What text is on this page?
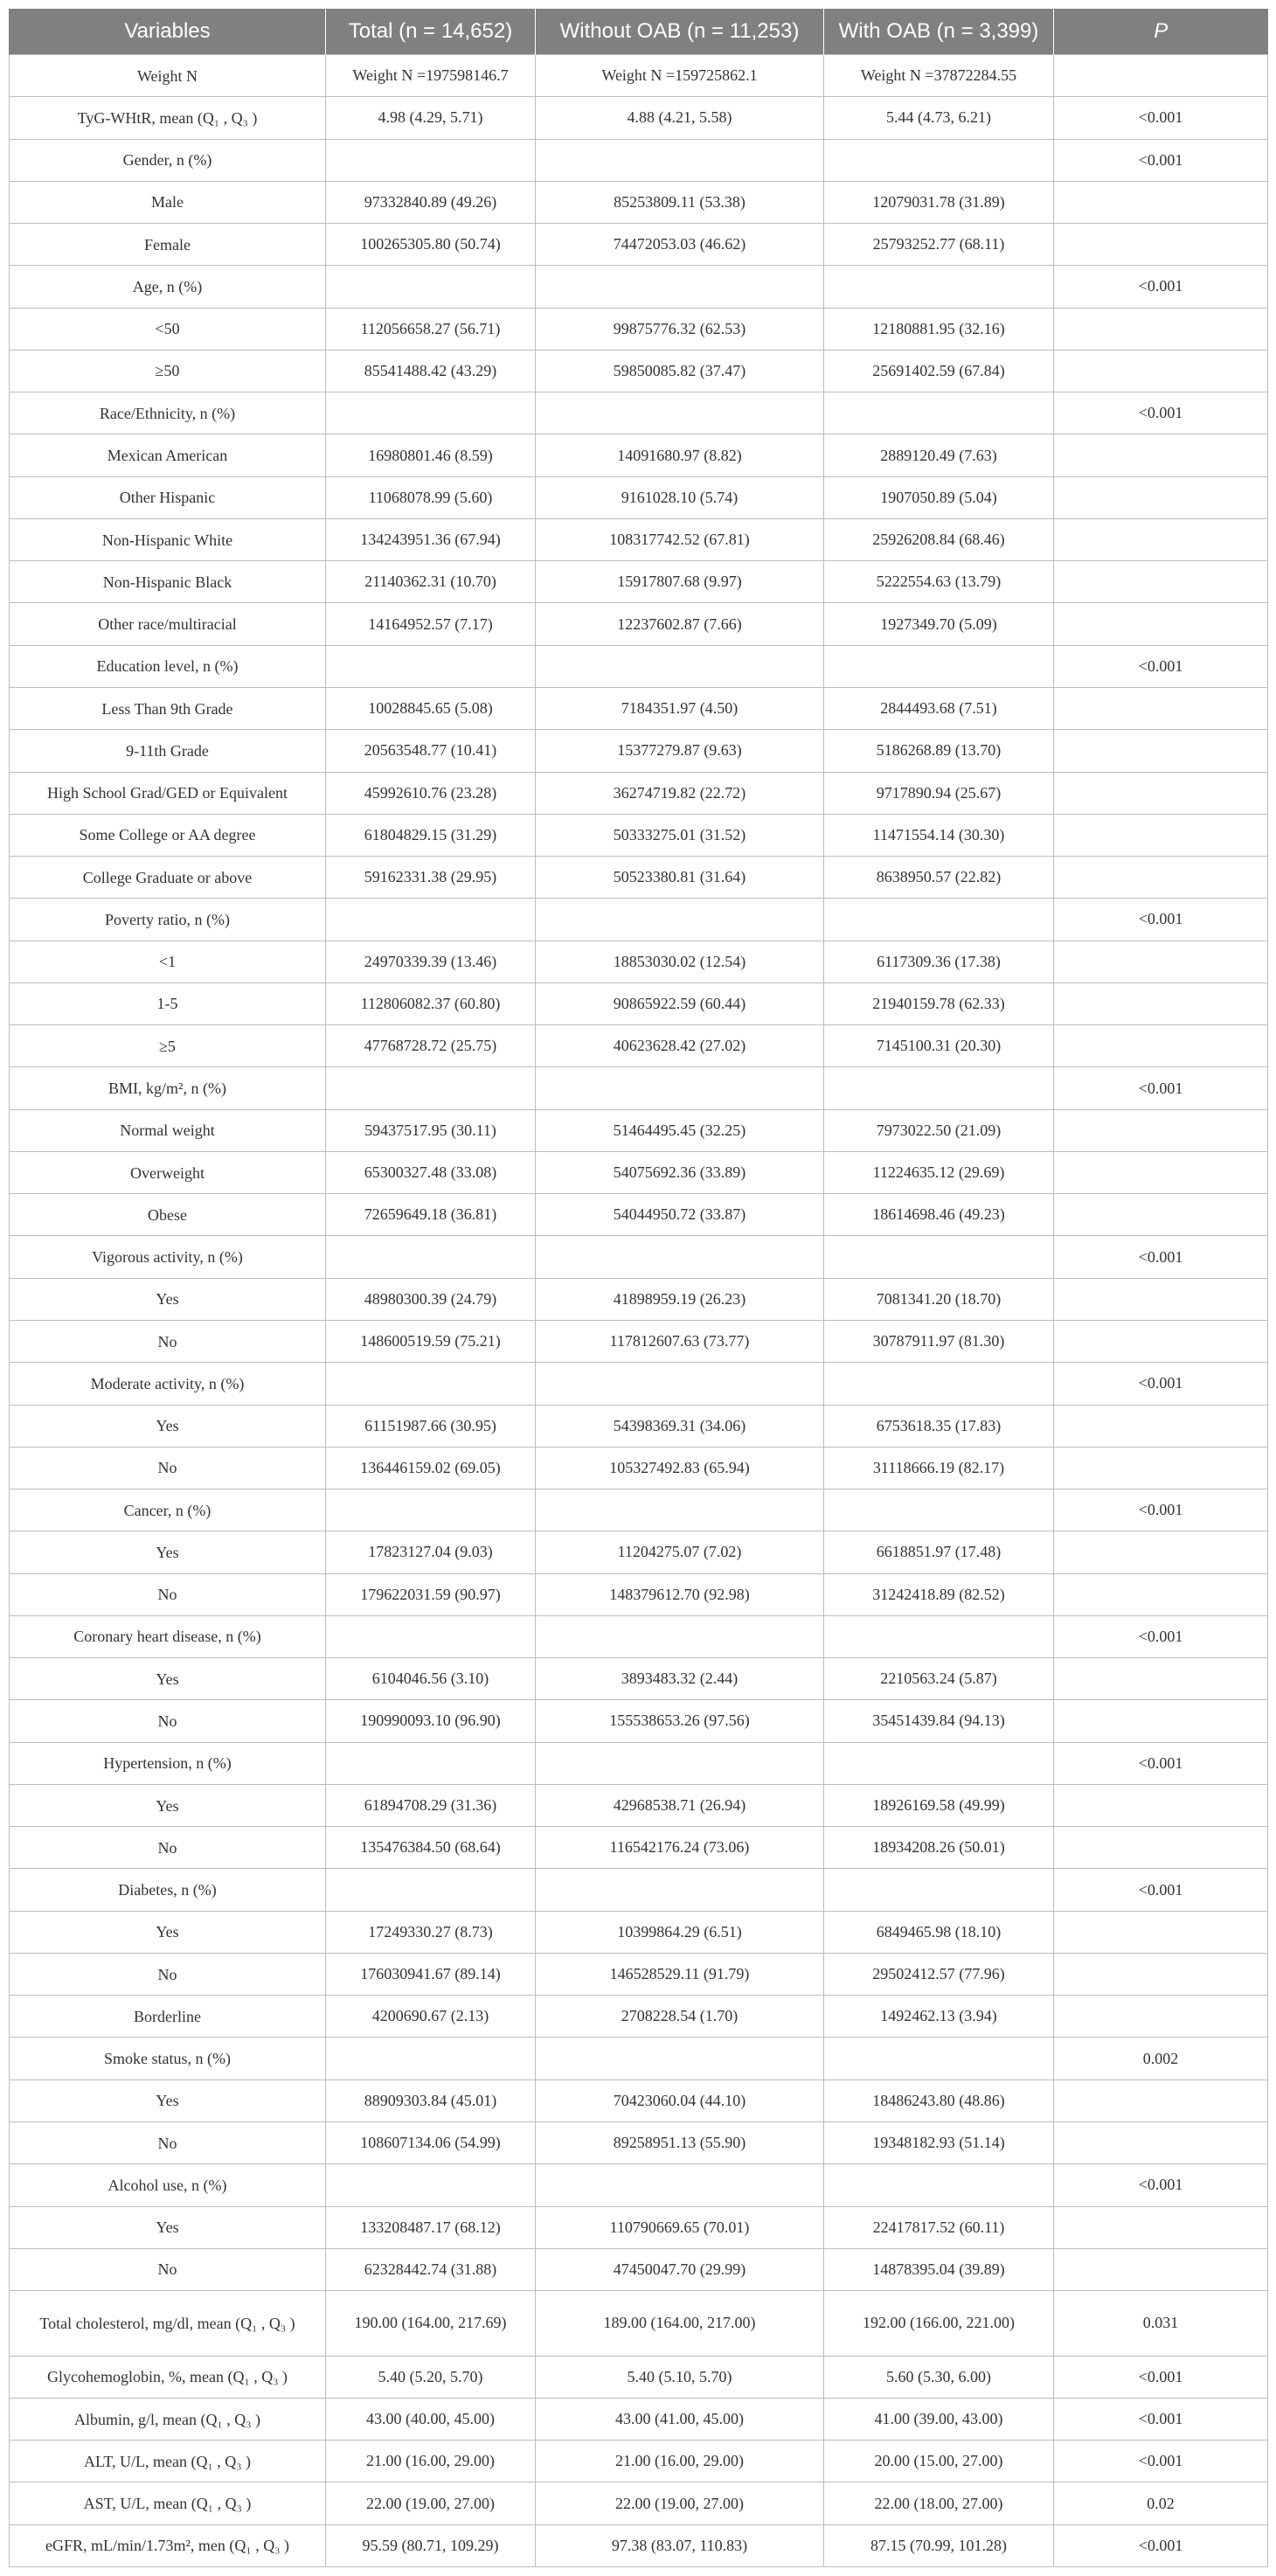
Variables	Total (n = 14,652)	Without OAB (n = 11,253)	With OAB (n = 3,399)	P
Weight N	Weight N =197598146.7	Weight N =159725862.1	Weight N =37872284.55	
TyG-WHtR, mean (Q₁ , Q₃ )	4.98 (4.29, 5.71)	4.88 (4.21, 5.58)	5.44 (4.73, 6.21)	<0.001
Gender, n (%)				<0.001
Male	97332840.89 (49.26)	85253809.11 (53.38)	12079031.78 (31.89)	
Female	100265305.80 (50.74)	74472053.03 (46.62)	25793252.77 (68.11)	
Age, n (%)				<0.001
<50	112056658.27 (56.71)	99875776.32 (62.53)	12180881.95 (32.16)	
≥50	85541488.42 (43.29)	59850085.82 (37.47)	25691402.59 (67.84)	
Race/Ethnicity, n (%)				<0.001
Mexican American	16980801.46 (8.59)	14091680.97 (8.82)	2889120.49 (7.63)	
Other Hispanic	11068078.99 (5.60)	9161028.10 (5.74)	1907050.89 (5.04)	
Non-Hispanic White	134243951.36 (67.94)	108317742.52 (67.81)	25926208.84 (68.46)	
Non-Hispanic Black	21140362.31 (10.70)	15917807.68 (9.97)	5222554.63 (13.79)	
Other race/multiracial	14164952.57 (7.17)	12237602.87 (7.66)	1927349.70 (5.09)	
Education level, n (%)				<0.001
Less Than 9th Grade	10028845.65 (5.08)	7184351.97 (4.50)	2844493.68 (7.51)	
9-11th Grade	20563548.77 (10.41)	15377279.87 (9.63)	5186268.89 (13.70)	
High School Grad/GED or Equivalent	45992610.76 (23.28)	36274719.82 (22.72)	9717890.94 (25.67)	
Some College or AA degree	61804829.15 (31.29)	50333275.01 (31.52)	11471554.14 (30.30)	
College Graduate or above	59162331.38 (29.95)	50523380.81 (31.64)	8638950.57 (22.82)	
Poverty ratio, n (%)				<0.001
<1	24970339.39 (13.46)	18853030.02 (12.54)	6117309.36 (17.38)	
1-5	112806082.37 (60.80)	90865922.59 (60.44)	21940159.78 (62.33)	
≥5	47768728.72 (25.75)	40623628.42 (27.02)	7145100.31 (20.30)	
BMI, kg/m², n (%)				<0.001
Normal weight	59437517.95 (30.11)	51464495.45 (32.25)	7973022.50 (21.09)	
Overweight	65300327.48 (33.08)	54075692.36 (33.89)	11224635.12 (29.69)	
Obese	72659649.18 (36.81)	54044950.72 (33.87)	18614698.46 (49.23)	
Vigorous activity, n (%)				<0.001
Yes	48980300.39 (24.79)	41898959.19 (26.23)	7081341.20 (18.70)	
No	148600519.59 (75.21)	117812607.63 (73.77)	30787911.97 (81.30)	
Moderate activity, n (%)				<0.001
Yes	61151987.66 (30.95)	54398369.31 (34.06)	6753618.35 (17.83)	
No	136446159.02 (69.05)	105327492.83 (65.94)	31118666.19 (82.17)	
Cancer, n (%)				<0.001
Yes	17823127.04 (9.03)	11204275.07 (7.02)	6618851.97 (17.48)	
No	179622031.59 (90.97)	148379612.70 (92.98)	31242418.89 (82.52)	
Coronary heart disease, n (%)				<0.001
Yes	6104046.56 (3.10)	3893483.32 (2.44)	2210563.24 (5.87)	
No	190990093.10 (96.90)	155538653.26 (97.56)	35451439.84 (94.13)	
Hypertension, n (%)				<0.001
Yes	61894708.29 (31.36)	42968538.71 (26.94)	18926169.58 (49.99)	
No	135476384.50 (68.64)	116542176.24 (73.06)	18934208.26 (50.01)	
Diabetes, n (%)				<0.001
Yes	17249330.27 (8.73)	10399864.29 (6.51)	6849465.98 (18.10)	
No	176030941.67 (89.14)	146528529.11 (91.79)	29502412.57 (77.96)	
Borderline	4200690.67 (2.13)	2708228.54 (1.70)	1492462.13 (3.94)	
Smoke status, n (%)				0.002
Yes	88909303.84 (45.01)	70423060.04 (44.10)	18486243.80 (48.86)	
No	108607134.06 (54.99)	89258951.13 (55.90)	19348182.93 (51.14)	
Alcohol use, n (%)				<0.001
Yes	133208487.17 (68.12)	110790669.65 (70.01)	22417817.52 (60.11)	
No	62328442.74 (31.88)	47450047.70 (29.99)	14878395.04 (39.89)	
Total cholesterol, mg/dl, mean (Q₁ , Q₃ )	190.00 (164.00, 217.69)	189.00 (164.00, 217.00)	192.00 (166.00, 221.00)	0.031
Glycohemoglobin, %, mean (Q₁ , Q₃ )	5.40 (5.20, 5.70)	5.40 (5.10, 5.70)	5.60 (5.30, 6.00)	<0.001
Albumin, g/l, mean (Q₁ , Q₃ )	43.00 (40.00, 45.00)	43.00 (41.00, 45.00)	41.00 (39.00, 43.00)	<0.001
ALT, U/L, mean (Q₁ , Q₃ )	21.00 (16.00, 29.00)	21.00 (16.00, 29.00)	20.00 (15.00, 27.00)	<0.001
AST, U/L, mean (Q₁ , Q₃ )	22.00 (19.00, 27.00)	22.00 (19.00, 27.00)	22.00 (18.00, 27.00)	0.02
eGFR, mL/min/1.73m², men (Q₁ , Q₃ )	95.59 (80.71, 109.29)	97.38 (83.07, 110.83)	87.15 (70.99, 101.28)	<0.001
